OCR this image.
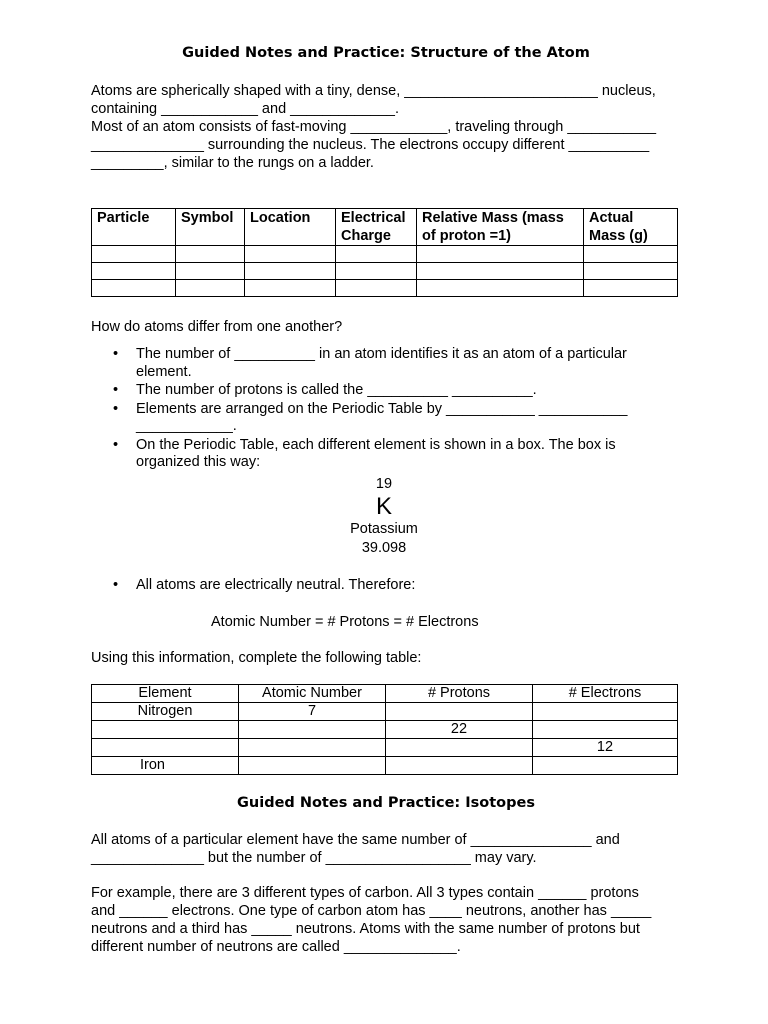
Guided Notes and Practice: Structure of the Atom
Atoms are spherically shaped with a tiny, dense, ________________________ nucleus,
containing ____________ and _____________.
Most of an atom consists of fast-moving ____________, traveling through ___________
______________ surrounding the nucleus. The electrons occupy different __________
_________, similar to the rungs on a ladder.
Particle	Symbol	Location	Electrical Charge	Relative Mass (mass of proton =1)	Actual Mass (g)

How do atoms differ from one another?
• The number of __________ in an atom identifies it as an atom of a particular element.
• The number of protons is called the __________ __________.
• Elements are arranged on the Periodic Table by ___________ ___________ ____________.
• On the Periodic Table, each different element is shown in a box. The box is organized this way:
19
K
Potassium
39.098
• All atoms are electrically neutral. Therefore:
Atomic Number = # Protons = # Electrons
Using this information, complete the following table:
Element	Atomic Number	# Protons	# Electrons
Nitrogen	7		
		22	
			12
Iron			
Guided Notes and Practice: Isotopes
All atoms of a particular element have the same number of _______________ and
______________ but the number of __________________ may vary.
For example, there are 3 different types of carbon. All 3 types contain ______ protons
and ______ electrons. One type of carbon atom has ____ neutrons, another has _____
neutrons and a third has _____ neutrons. Atoms with the same number of protons but
different number of neutrons are called ______________.
